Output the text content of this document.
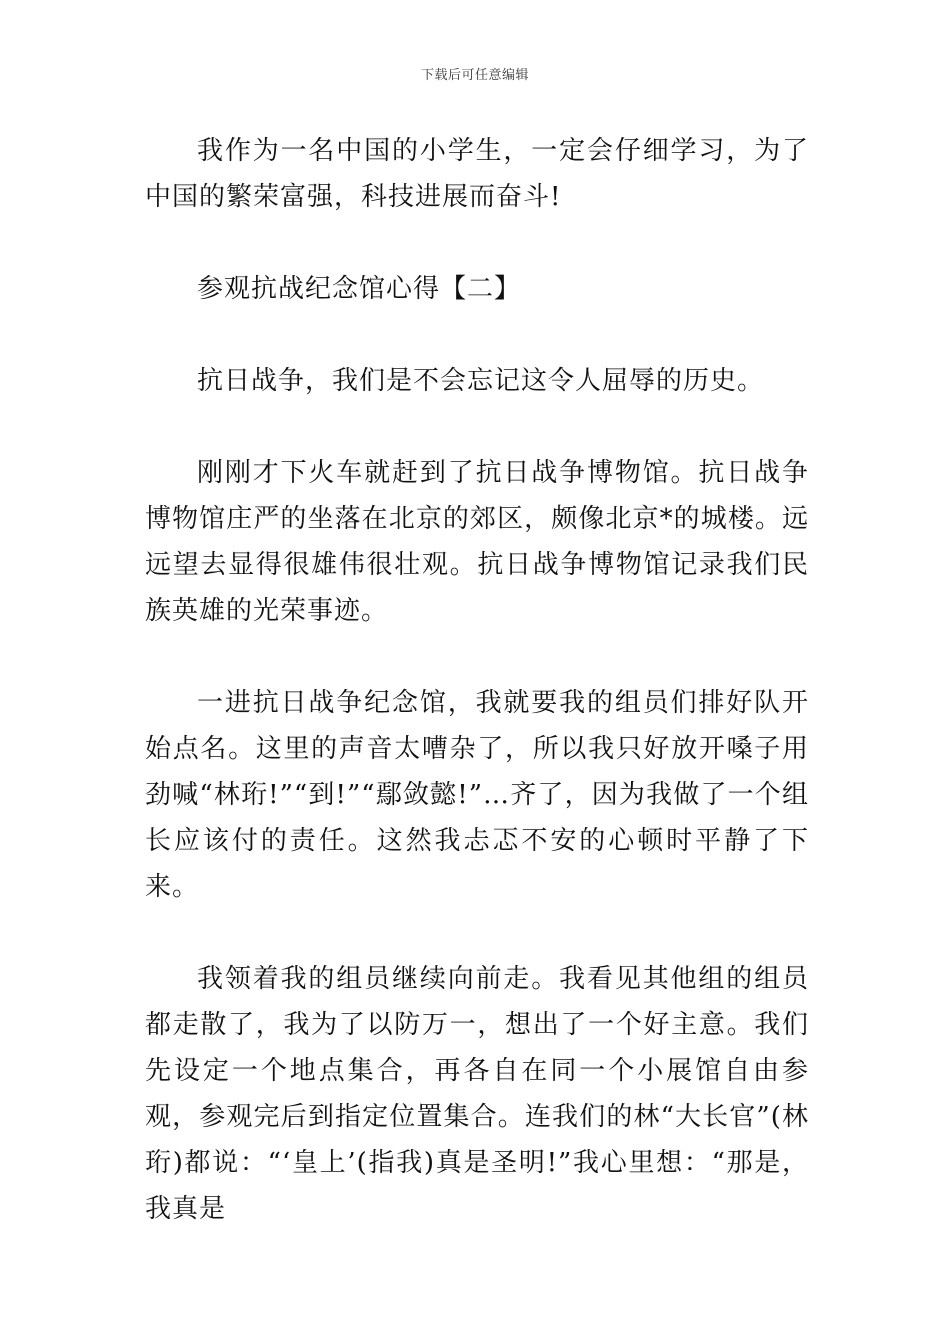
下载后可任意编辑

我作为一名中国的小学生，一定会仔细学习，为了中国的繁荣富强，科技进展而奋斗!

参观抗战纪念馆心得【二】

抗日战争，我们是不会忘记这令人屈辱的历史。

刚刚才下火车就赶到了抗日战争博物馆。抗日战争博物馆庄严的坐落在北京的郊区，颇像北京*的城楼。远远望去显得很雄伟很壮观。抗日战争博物馆记录我们民族英雄的光荣事迹。

一进抗日战争纪念馆，我就要我的组员们排好队开始点名。这里的声音太嘈杂了，所以我只好放开嗓子用劲喊“林珩!”“到!”“鄢敛懿!”…齐了，因为我做了一个组长应该付的责任。这然我忐忑不安的心顿时平静了下来。

我领着我的组员继续向前走。我看见其他组的组员都走散了，我为了以防万一，想出了一个好主意。我们先设定一个地点集合，再各自在同一个小展馆自由参观，参观完后到指定位置集合。连我们的林“大长官”(林珩)都说：“‘皇上’(指我)真是圣明!”我心里想：“那是，我真是
